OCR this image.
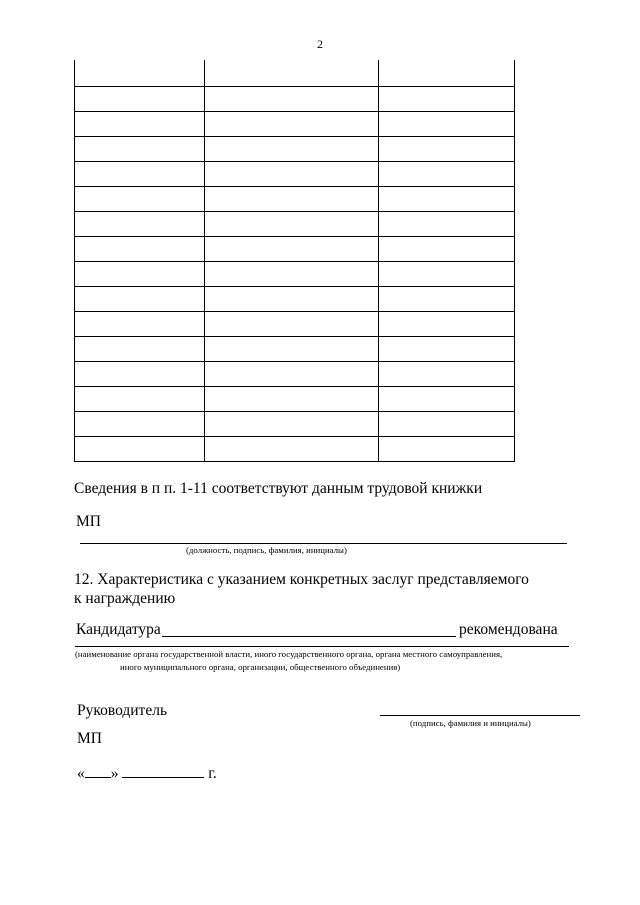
2

Сведения в п п. 1-11 соответствуют данным трудовой книжки
МП
(должность, подпись, фамилия, инициалы)
12. Характеристика с указанием конкретных заслуг представляемого
к награждению
Кандидатура	рекомендована
(наименование органа государственной власти, иного государственного органа, органа местного самоуправления,
иного муниципального органа, организации, общественного объединения)
Руководитель
(подпись, фамилия и инициалы)
МП
« »	г.
